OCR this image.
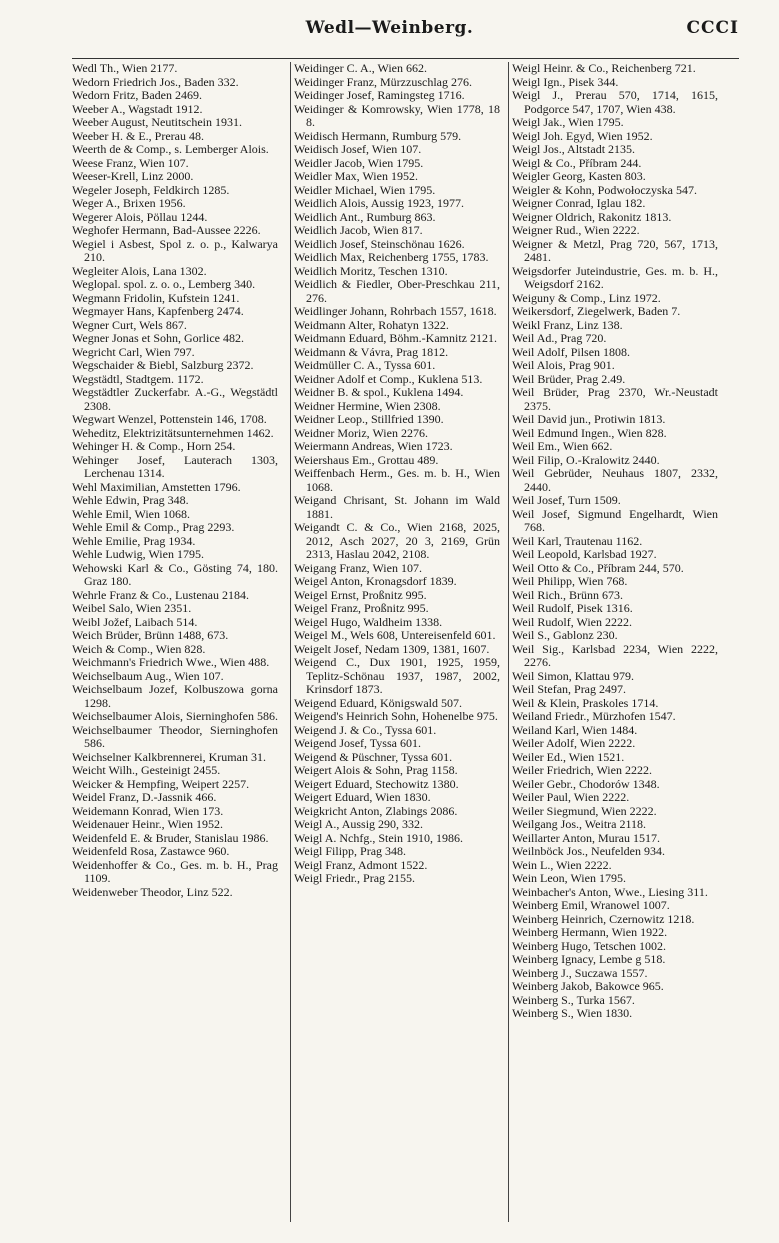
Wedl—Weinberg.	CCCI

Wedl Th., Wien 2177.

Wedorn Friedrich Jos., Baden 332.

Wedorn Fritz, Baden 2469.

Weeber A., Wagstadt 1912.

Weeber August, Neutitschein 1931.

Weeber H. & E., Prerau 48.

Weerth de & Comp., s. Lemberger Alois.

Weese Franz, Wien 107.

Weeser-Krell, Linz 2000.

Wegeler Joseph, Feldkirch 1285.

Weger A., Brixen 1956.

Wegerer Alois, Pöllau 1244.

Weghofer Hermann, Bad-Aussee 2226.

Wegiel i Asbest, Spol z. o. p., Kalwarya 210.

Wegleiter Alois, Lana 1302.

Weglopal. spol. z. o. o., Lemberg 340.

Wegmann Fridolin, Kufstein 1241.

Wegmayer Hans, Kapfenberg 2474.

Wegner Curt, Wels 867.

Wegner Jonas et Sohn, Gorlice 482.

Wegricht Carl, Wien 797.

Wegschaider & Biebl, Salzburg 2372.

Wegstädtl, Stadtgem. 1172.

Wegstädtler Zuckerfabr. A.-G., Wegstädtl 2308.

Wegwart Wenzel, Pottenstein 146, 1708.

Weheditz, Elektrizitätsunternehmen 1462.

Wehinger H. & Comp., Horn 254.

Wehinger Josef, Lauterach 1303, Lerchenau 1314.

Wehl Maximilian, Amstetten 1796.

Wehle Edwin, Prag 348.

Wehle Emil, Wien 1068.

Wehle Emil & Comp., Prag 2293.

Wehle Emilie, Prag 1934.

Wehle Ludwig, Wien 1795.

Wehowski Karl & Co., Gösting 74, 180. Graz 180.

Wehrle Franz & Co., Lustenau 2184.

Weibel Salo, Wien 2351.

Weibl Jožef, Laibach 514.

Weich Brüder, Brünn 1488, 673.

Weich & Comp., Wien 828.

Weichmann's Friedrich Wwe., Wien 488.

Weichselbaum Aug., Wien 107.

Weichselbaum Jozef, Kolbuszowa gorna 1298.

Weichselbaumer Alois, Sierninghofen 586.

Weichselbaumer Theodor, Sierninghofen 586.

Weichselner Kalkbrennerei, Kruman 31.

Weicht Wilh., Gesteinigt 2455.

Weicker & Hempfing, Weipert 2257.

Weidel Franz, D.-Jassnik 466.

Weidemann Konrad, Wien 173.

Weidenauer Heinr., Wien 1952.

Weidenfeld E. & Bruder, Stanislau 1986.

Weidenfeld Rosa, Zastawce 960.

Weidenhoffer & Co., Ges. m. b. H., Prag 1109.

Weidenweber Theodor, Linz 522.

Weidinger C. A., Wien 662.

Weidinger Franz, Mürzzuschlag 276.

Weidinger Josef, Ramingsteg 1716.

Weidinger & Komrowsky, Wien 1778, 18 8.

Weidisch Hermann, Rumburg 579.

Weidisch Josef, Wien 107.

Weidler Jacob, Wien 1795.

Weidler Max, Wien 1952.

Weidler Michael, Wien 1795.

Weidlich Alois, Aussig 1923, 1977.

Weidlich Ant., Rumburg 863.

Weidlich Jacob, Wien 817.

Weidlich Josef, Steinschönau 1626.

Weidlich Max, Reichenberg 1755, 1783.

Weidlich Moritz, Teschen 1310.

Weidlich & Fiedler, Ober-Preschkau 211, 276.

Weidlinger Johann, Rohrbach 1557, 1618.

Weidmann Alter, Rohatyn 1322.

Weidmann Eduard, Böhm.-Kamnitz 2121.

Weidmann & Vávra, Prag 1812.

Weidmüller C. A., Tyssa 601.

Weidner Adolf et Comp., Kuklena 513.

Weidner B. & spol., Kuklena 1494.

Weidner Hermine, Wien 2308.

Weidner Leop., Stillfried 1390.

Weidner Moriz, Wien 2276.

Weiermann Andreas, Wien 1723.

Weiershaus Em., Grottau 489.

Weiffenbach Herm., Ges. m. b. H., Wien 1068.

Weigand Chrisant, St. Johann im Wald 1881.

Weigandt C. & Co., Wien 2168, 2025, 2012, Asch 2027, 20 3, 2169, Grün 2313, Haslau 2042, 2108.

Weigang Franz, Wien 107.

Weigel Anton, Kronagsdorf 1839.

Weigel Ernst, Proßnitz 995.

Weigel Franz, Proßnitz 995.

Weigel Hugo, Waldheim 1338.

Weigel M., Wels 608, Untereisenfeld 601.

Weigelt Josef, Nedam 1309, 1381, 1607.

Weigend C., Dux 1901, 1925, 1959, Teplitz-Schönau 1937, 1987, 2002, Krinsdorf 1873.

Weigend Eduard, Königswald 507.

Weigend's Heinrich Sohn, Hohenelbe 975.

Weigend J. & Co., Tyssa 601.

Weigend Josef, Tyssa 601.

Weigend & Püschner, Tyssa 601.

Weigert Alois & Sohn, Prag 1158.

Weigert Eduard, Stechowitz 1380.

Weigert Eduard, Wien 1830.

Weigkricht Anton, Zlabings 2086.

Weigl A., Aussig 290, 332.

Weigl A. Nchfg., Stein 1910, 1986.

Weigl Filipp, Prag 348.

Weigl Franz, Admont 1522.

Weigl Friedr., Prag 2155.

Weigl Heinr. & Co., Reichenberg 721.

Weigl Ign., Pisek 344.

Weigl J., Prerau 570, 1714, 1615, Podgorce 547, 1707, Wien 438.

Weigl Jak., Wien 1795.

Weigl Joh. Egyd, Wien 1952.

Weigl Jos., Altstadt 2135.

Weigl & Co., Příbram 244.

Weigler Georg, Kasten 803.

Weigler & Kohn, Podwołoczyska 547.

Weigner Conrad, Iglau 182.

Weigner Oldrich, Rakonitz 1813.

Weigner Rud., Wien 2222.

Weigner & Metzl, Prag 720, 567, 1713, 2481.

Weigsdorfer Juteindustrie, Ges. m. b. H., Weigsdorf 2162.

Weiguny & Comp., Linz 1972.

Weikersdorf, Ziegelwerk, Baden 7.

Weikl Franz, Linz 138.

Weil Ad., Prag 720.

Weil Adolf, Pilsen 1808.

Weil Alois, Prag 901.

Weil Brüder, Prag 2.49.

Weil Brüder, Prag 2370, Wr.-Neustadt 2375.

Weil David jun., Protiwin 1813.

Weil Edmund Ingen., Wien 828.

Weil Em., Wien 662.

Weil Filip, O.-Kralowitz 2440.

Weil Gebrüder, Neuhaus 1807, 2332, 2440.

Weil Josef, Turn 1509.

Weil Josef, Sigmund Engelhardt, Wien 768.

Weil Karl, Trautenau 1162.

Weil Leopold, Karlsbad 1927.

Weil Otto & Co., Příbram 244, 570.

Weil Philipp, Wien 768.

Weil Rich., Brünn 673.

Weil Rudolf, Pisek 1316.

Weil Rudolf, Wien 2222.

Weil S., Gablonz 230.

Weil Sig., Karlsbad 2234, Wien 2222, 2276.

Weil Simon, Klattau 979.

Weil Stefan, Prag 2497.

Weil & Klein, Praskoles 1714.

Weiland Friedr., Mürzhofen 1547.

Weiland Karl, Wien 1484.

Weiler Adolf, Wien 2222.

Weiler Ed., Wien 1521.

Weiler Friedrich, Wien 2222.

Weiler Gebr., Chodorów 1348.

Weiler Paul, Wien 2222.

Weiler Siegmund, Wien 2222.

Weilgang Jos., Weitra 2118.

Weillarter Anton, Murau 1517.

Weilnböck Jos., Neufelden 934.

Wein L., Wien 2222.

Wein Leon, Wien 1795.

Weinbacher's Anton, Wwe., Liesing 311.

Weinberg Emil, Wranowel 1007.

Weinberg Heinrich, Czernowitz 1218.

Weinberg Hermann, Wien 1922.

Weinberg Hugo, Tetschen 1002.

Weinberg Ignacy, Lembe g 518.

Weinberg J., Suczawa 1557.

Weinberg Jakob, Bakowce 965.

Weinberg S., Turka 1567.

Weinberg S., Wien 1830.
